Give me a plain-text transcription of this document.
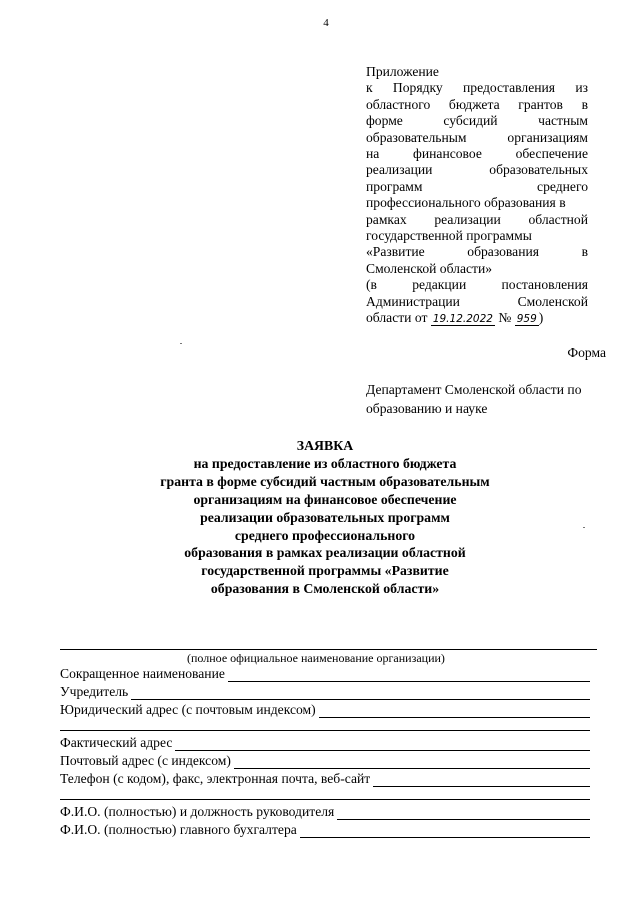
4
Приложение
к Порядку предоставления из
областного бюджета грантов в
форме субсидий частным
образовательным организациям
на финансовое обеспечение
реализации образовательных
программ среднего
профессионального образования в
рамках реализации областной
государственной программы
«Развитие образования в
Смоленской области»
(в редакции постановления
Администрации Смоленской
области от 19.12.2022 № 959 )
Форма
Департамент Смоленской области по образованию и науке
ЗАЯВКА
на предоставление из областного бюджета
гранта в форме субсидий частным образовательным
организациям на финансовое обеспечение
реализации образовательных программ
среднего профессионального
образования в рамках реализации областной
государственной программы «Развитие
образования в Смоленской области»
(полное официальное наименование организации)
Сокращенное наименование
Учредитель
Юридический адрес (с почтовым индексом)
Фактический адрес
Почтовый адрес (с индексом)
Телефон (с кодом), факс, электронная почта, веб-сайт
Ф.И.О. (полностью) и должность руководителя
Ф.И.О. (полностью) главного бухгалтера
